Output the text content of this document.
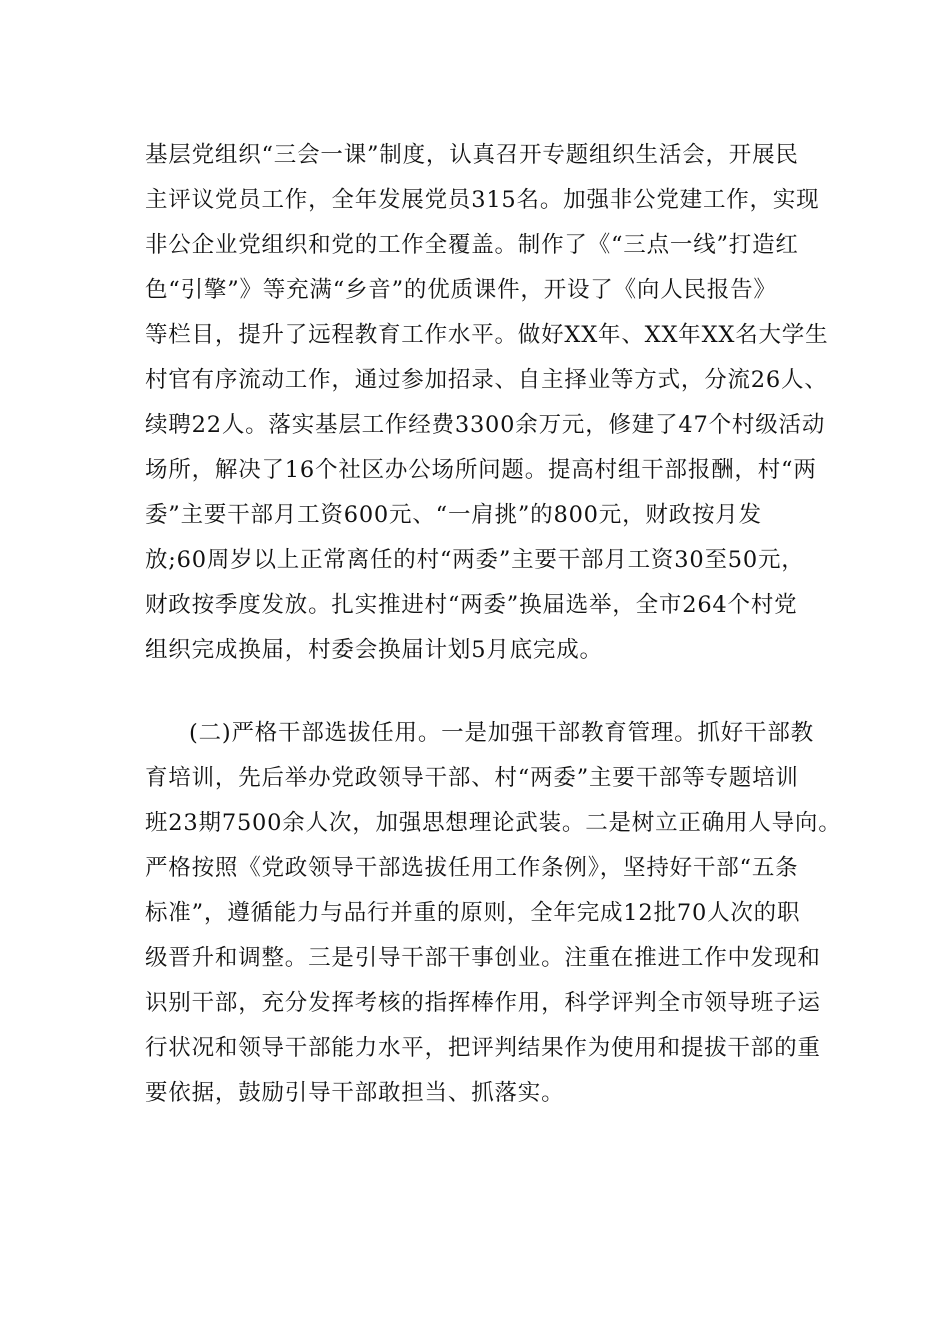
基层党组织“三会一课”制度，认真召开专题组织生活会，开展民
主评议党员工作，全年发展党员315名。加强非公党建工作，实现
非公企业党组织和党的工作全覆盖。制作了《“三点一线”打造红
色“引擎”》等充满“乡音”的优质课件，开设了《向人民报告》
等栏目，提升了远程教育工作水平。做好XX年、XX年XX名大学生
村官有序流动工作，通过参加招录、自主择业等方式，分流26人、
续聘22人。落实基层工作经费3300余万元，修建了47个村级活动
场所，解决了16个社区办公场所问题。提高村组干部报酬，村“两
委”主要干部月工资600元、“一肩挑”的800元，财政按月发
放;60周岁以上正常离任的村“两委”主要干部月工资30至50元，
财政按季度发放。扎实推进村“两委”换届选举，全市264个村党
组织完成换届，村委会换届计划5月底完成。
(二)严格干部选拔任用。一是加强干部教育管理。抓好干部教
育培训，先后举办党政领导干部、村“两委”主要干部等专题培训
班23期7500余人次，加强思想理论武装。二是树立正确用人导向。
严格按照《党政领导干部选拔任用工作条例》，坚持好干部“五条
标准”，遵循能力与品行并重的原则，全年完成12批70人次的职
级晋升和调整。三是引导干部干事创业。注重在推进工作中发现和
识别干部，充分发挥考核的指挥棒作用，科学评判全市领导班子运
行状况和领导干部能力水平，把评判结果作为使用和提拔干部的重
要依据，鼓励引导干部敢担当、抓落实。
